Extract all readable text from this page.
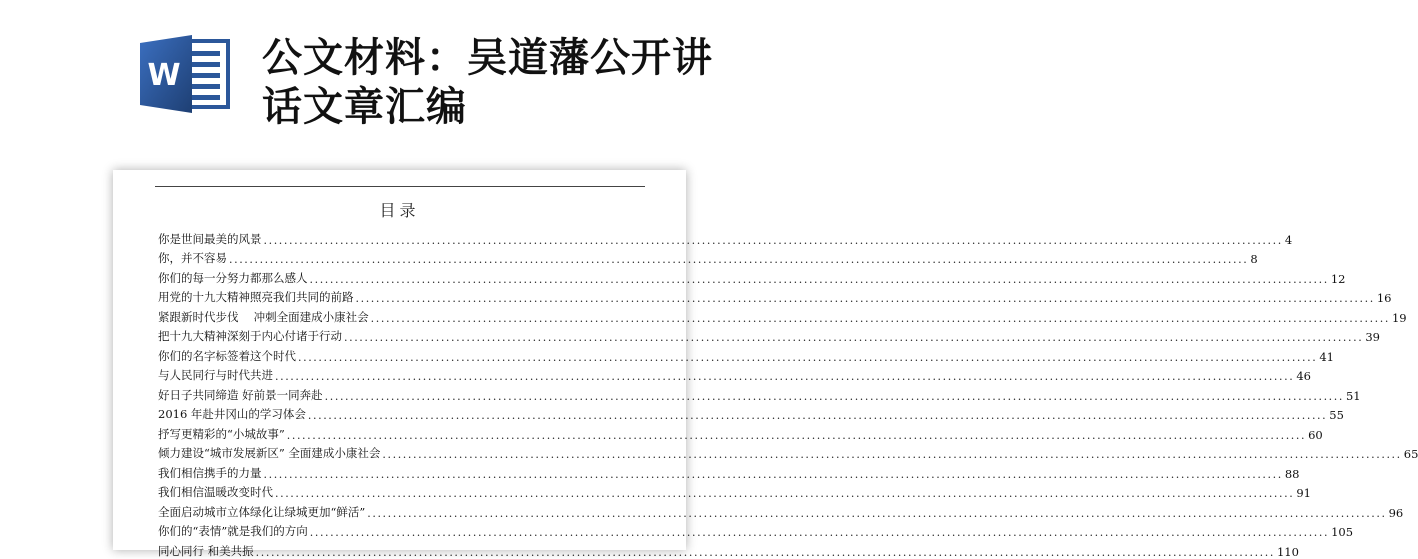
W 公文材料：吴道藩公开讲话文章汇编
目录
你是世间最美的风景 ........................................................................................................................................................................................................ 4
你，并不容易 ........................................................................................................................................................................................................ 8
你们的每一分努力都那么感人 ........................................................................................................................................................................................................ 12
用党的十九大精神照亮我们共同的前路 ........................................................................................................................................................................................................ 16
紧跟新时代步伐　 冲刺全面建成小康社会 ........................................................................................................................................................................................................ 19
把十九大精神深刻于内心付诸于行动 ........................................................................................................................................................................................................ 39
你们的名字标签着这个时代 ........................................................................................................................................................................................................ 41
与人民同行与时代共进 ........................................................................................................................................................................................................ 46
好日子共同缔造 好前景一同奔赴 ........................................................................................................................................................................................................ 51
2016 年赴井冈山的学习体会 ........................................................................................................................................................................................................ 55
抒写更精彩的“小城故事” ........................................................................................................................................................................................................ 60
倾力建设“城市发展新区” 全面建成小康社会 ........................................................................................................................................................................................................ 65
我们相信携手的力量 ........................................................................................................................................................................................................ 88
我们相信温暖改变时代 ........................................................................................................................................................................................................ 91
全面启动城市立体绿化让绿城更加“鲜活” ........................................................................................................................................................................................................ 96
你们的“表情”就是我们的方向 ........................................................................................................................................................................................................ 105
同心同行 和美共振 ........................................................................................................................................................................................................ 110
